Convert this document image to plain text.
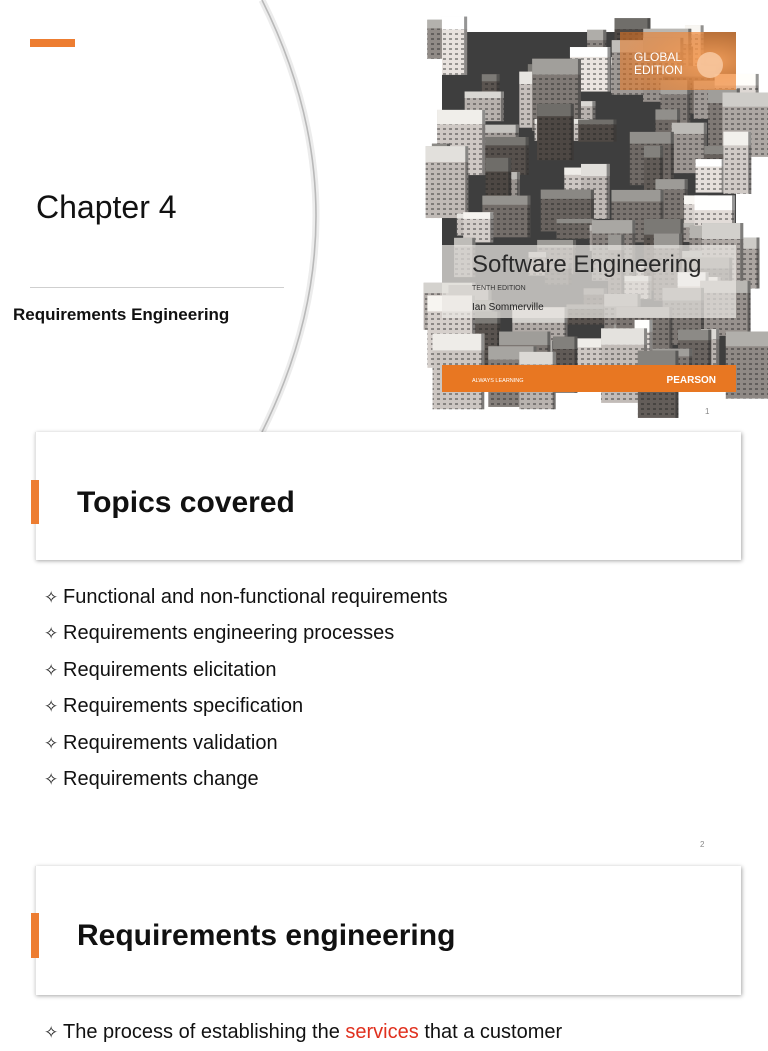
Chapter 4
Requirements Engineering
GLOBAL
EDITION
Software Engineering
TENTH EDITION
Ian Sommerville
ALWAYS LEARNING	PEARSON
1
Topics covered
✧ Functional and non-functional requirements
✧ Requirements engineering processes
✧ Requirements elicitation
✧ Requirements specification
✧ Requirements validation
✧ Requirements change
2
Requirements engineering
✧ The process of establishing the services that a customer
